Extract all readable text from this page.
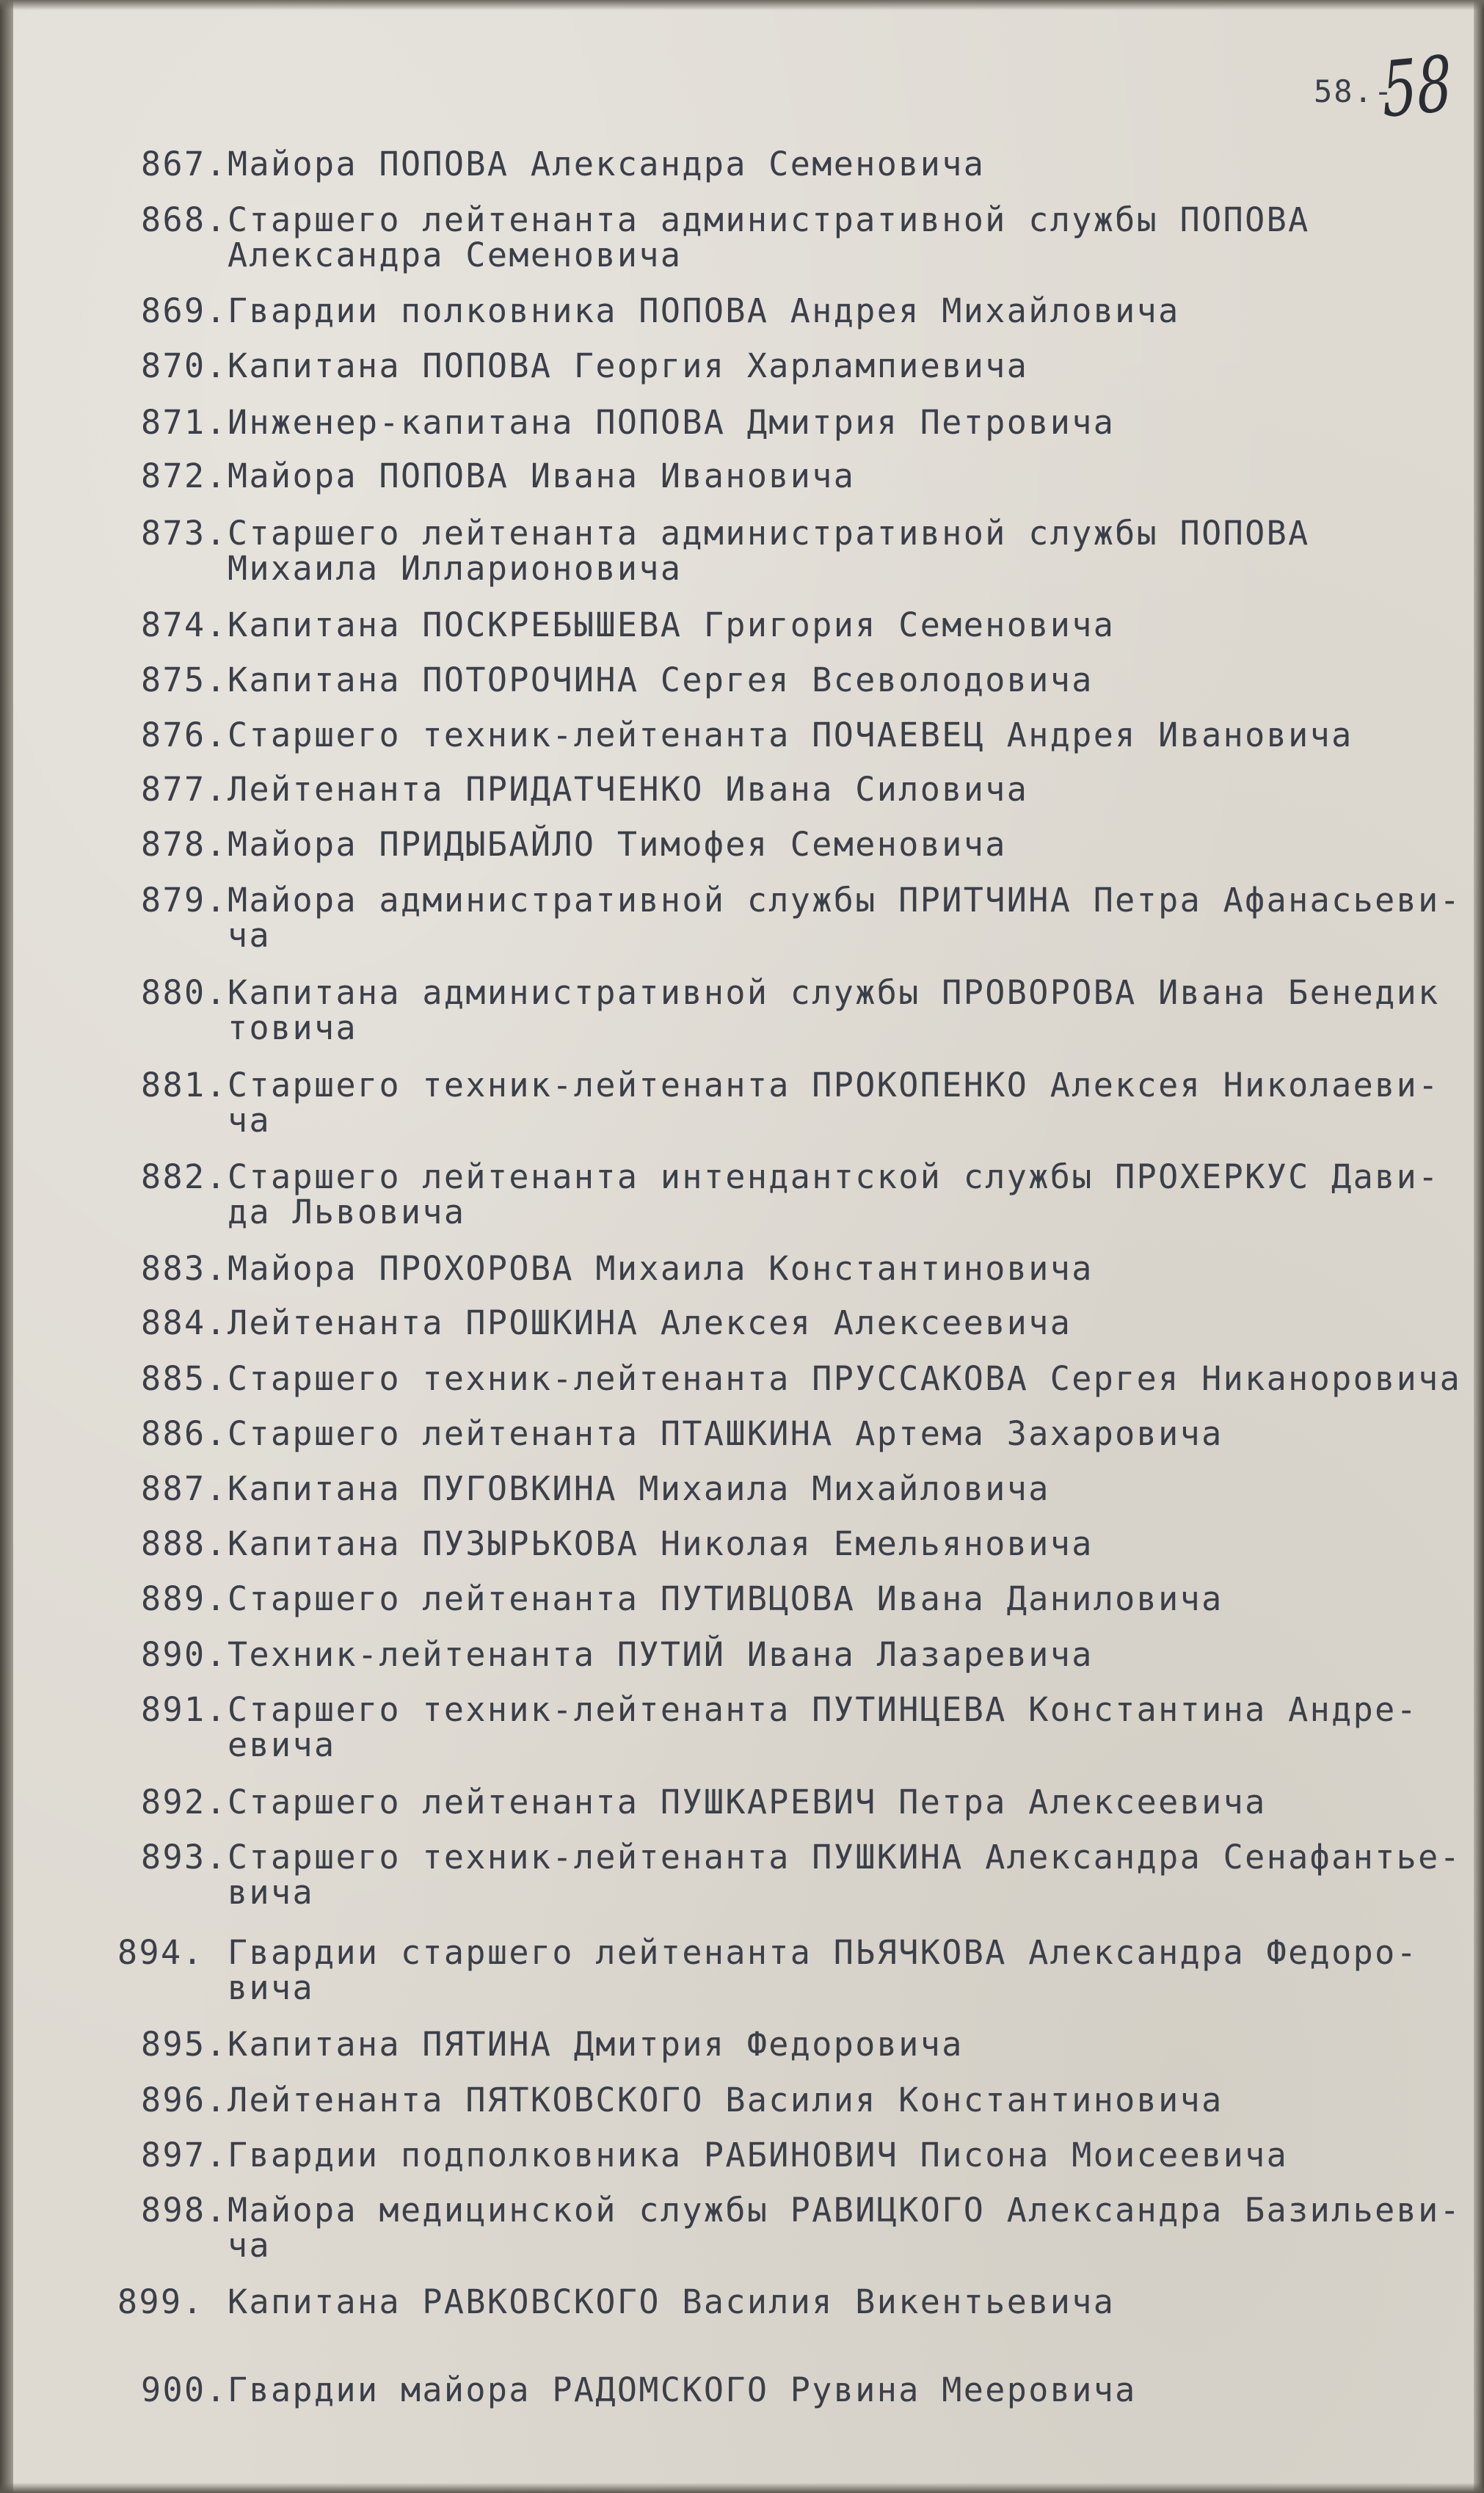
58.-
58
867. Майора ПОПОВА Александра Семеновича
868. Старшего лейтенанта административной службы ПОПОВА
Александра Семеновича
869. Гвардии полковника ПОПОВА Андрея Михайловича
870. Капитана ПОПОВА Георгия Харлампиевича
871. Инженер-капитана ПОПОВА Дмитрия Петровича
872. Майора ПОПОВА Ивана Ивановича
873. Старшего лейтенанта административной службы ПОПОВА
Михаила Илларионовича
874. Капитана ПОСКРЕБЫШЕВА Григория Семеновича
875. Капитана ПОТОРОЧИНА Сергея Всеволодовича
876. Старшего техник-лейтенанта ПОЧАЕВЕЦ Андрея Ивановича
877. Лейтенанта ПРИДАТЧЕНКО Ивана Силовича
878. Майора ПРИДЫБАЙЛО Тимофея Семеновича
879. Майора административной службы ПРИТЧИНА Петра Афанасьеви-
ча
880. Капитана административной службы ПРОВОРОВА Ивана Бенедик
товича
881. Старшего техник-лейтенанта ПРОКОПЕНКО Алексея Николаеви-
ча
882. Старшего лейтенанта интендантской службы ПРОХЕРКУС Дави-
да Львовича
883. Майора ПРОХОРОВА Михаила Константиновича
884. Лейтенанта ПРОШКИНА Алексея Алексеевича
885. Старшего техник-лейтенанта ПРУССАКОВА Сергея Никаноровича
886. Старшего лейтенанта ПТАШКИНА Артема Захаровича
887. Капитана ПУГОВКИНА Михаила Михайловича
888. Капитана ПУЗЫРЬКОВА Николая Емельяновича
889. Старшего лейтенанта ПУТИВЦОВА Ивана Даниловича
890. Техник-лейтенанта ПУТИЙ Ивана Лазаревича
891. Старшего техник-лейтенанта ПУТИНЦЕВА Константина Андре-
евича
892. Старшего лейтенанта ПУШКАРЕВИЧ Петра Алексеевича
893. Старшего техник-лейтенанта ПУШКИНА Александра Сенафантье-
вича
894. Гвардии старшего лейтенанта ПЬЯЧКОВА Александра Федоро-
вича
895. Капитана ПЯТИНА Дмитрия Федоровича
896. Лейтенанта ПЯТКОВСКОГО Василия Константиновича
897. Гвардии подполковника РАБИНОВИЧ Писона Моисеевича
898. Майора медицинской службы РАВИЦКОГО Александра Базильеви-
ча
899. Капитана РАВКОВСКОГО Василия Викентьевича
900. Гвардии майора РАДОМСКОГО Рувина Мееровича
